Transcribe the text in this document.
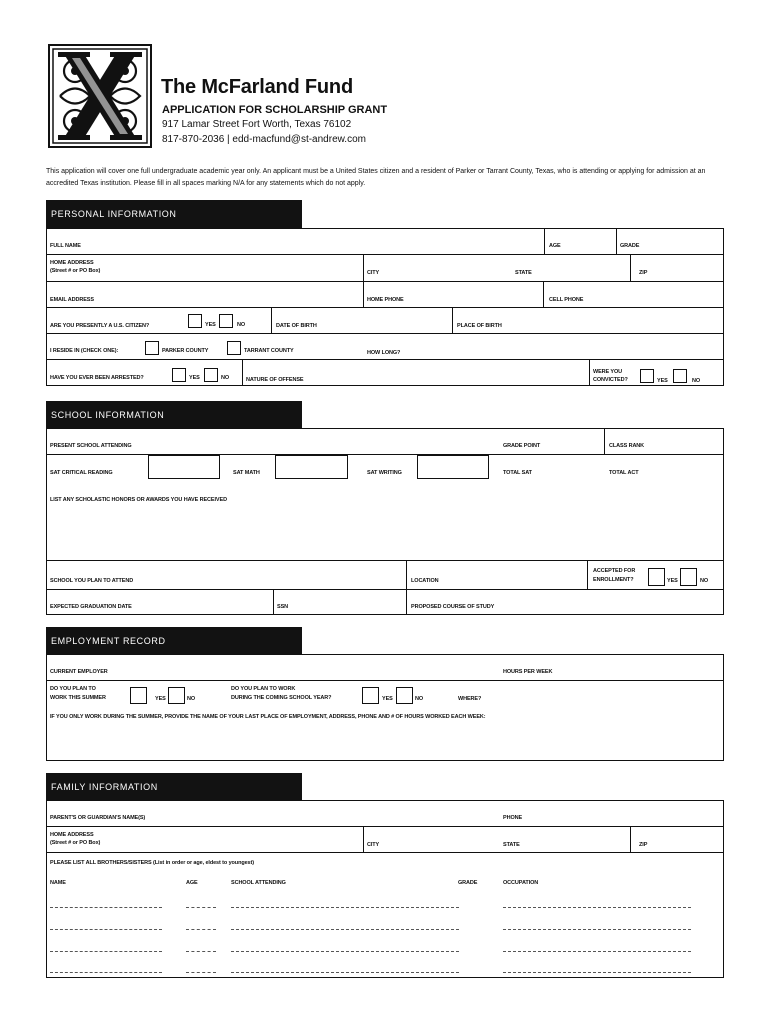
The McFarland Fund
APPLICATION FOR SCHOLARSHIP GRANT
917 Lamar Street Fort Worth, Texas 76102
817-870-2036 | edd-macfund@st-andrew.com
This application will cover one full undergraduate academic year only. An applicant must be a United States citizen and a resident of Parker or Tarrant County, Texas, who is attending or applying for admission at an accredited Texas institution. Please fill in all spaces marking N/A for any statements which do not apply.
PERSONAL INFORMATION
FULL NAME	AGE	GRADE
HOME ADDRESS
(Street # or PO Box)	CITY	STATE	ZIP
EMAIL ADDRESS	HOME PHONE	CELL PHONE
ARE YOU PRESENTLY A U.S. CITIZEN?	YES	NO	DATE OF BIRTH	PLACE OF BIRTH
I RESIDE IN (CHECK ONE):	PARKER COUNTY	TARRANT COUNTY	HOW LONG?
HAVE YOU EVER BEEN ARRESTED?	YES	NO	NATURE OF OFFENSE
WERE YOU
CONVICTED?	YES	NO
SCHOOL INFORMATION
PRESENT SCHOOL ATTENDING	GRADE POINT	CLASS RANK
SAT CRITICAL READING	SAT MATH	SAT WRITING	TOTAL SAT	TOTAL ACT
LIST ANY SCHOLASTIC HONORS OR AWARDS YOU HAVE RECEIVED
SCHOOL YOU PLAN TO ATTEND	LOCATION
ACCEPTED FOR
ENROLLMENT?	YES	NO
EXPECTED GRADUATION DATE	SSN	PROPOSED COURSE OF STUDY
EMPLOYMENT RECORD
CURRENT EMPLOYER	HOURS PER WEEK
DO YOU PLAN TO
WORK THIS SUMMER	YES	NO
DO YOU PLAN TO WORK
DURING THE COMING SCHOOL YEAR?	YES	NO	WHERE?
IF YOU ONLY WORK DURING THE SUMMER, PROVIDE THE NAME OF YOUR LAST PLACE OF EMPLOYMENT, ADDRESS, PHONE AND # OF HOURS WORKED EACH WEEK:
FAMILY INFORMATION
PARENT'S OR GUARDIAN'S NAME(S)	PHONE
HOME ADDRESS
(Street # or PO Box)	CITY	STATE	ZIP
PLEASE LIST ALL BROTHERS/SISTERS (List in order or age, eldest to youngest)
NAME	AGE	SCHOOL ATTENDING	GRADE	OCCUPATION
